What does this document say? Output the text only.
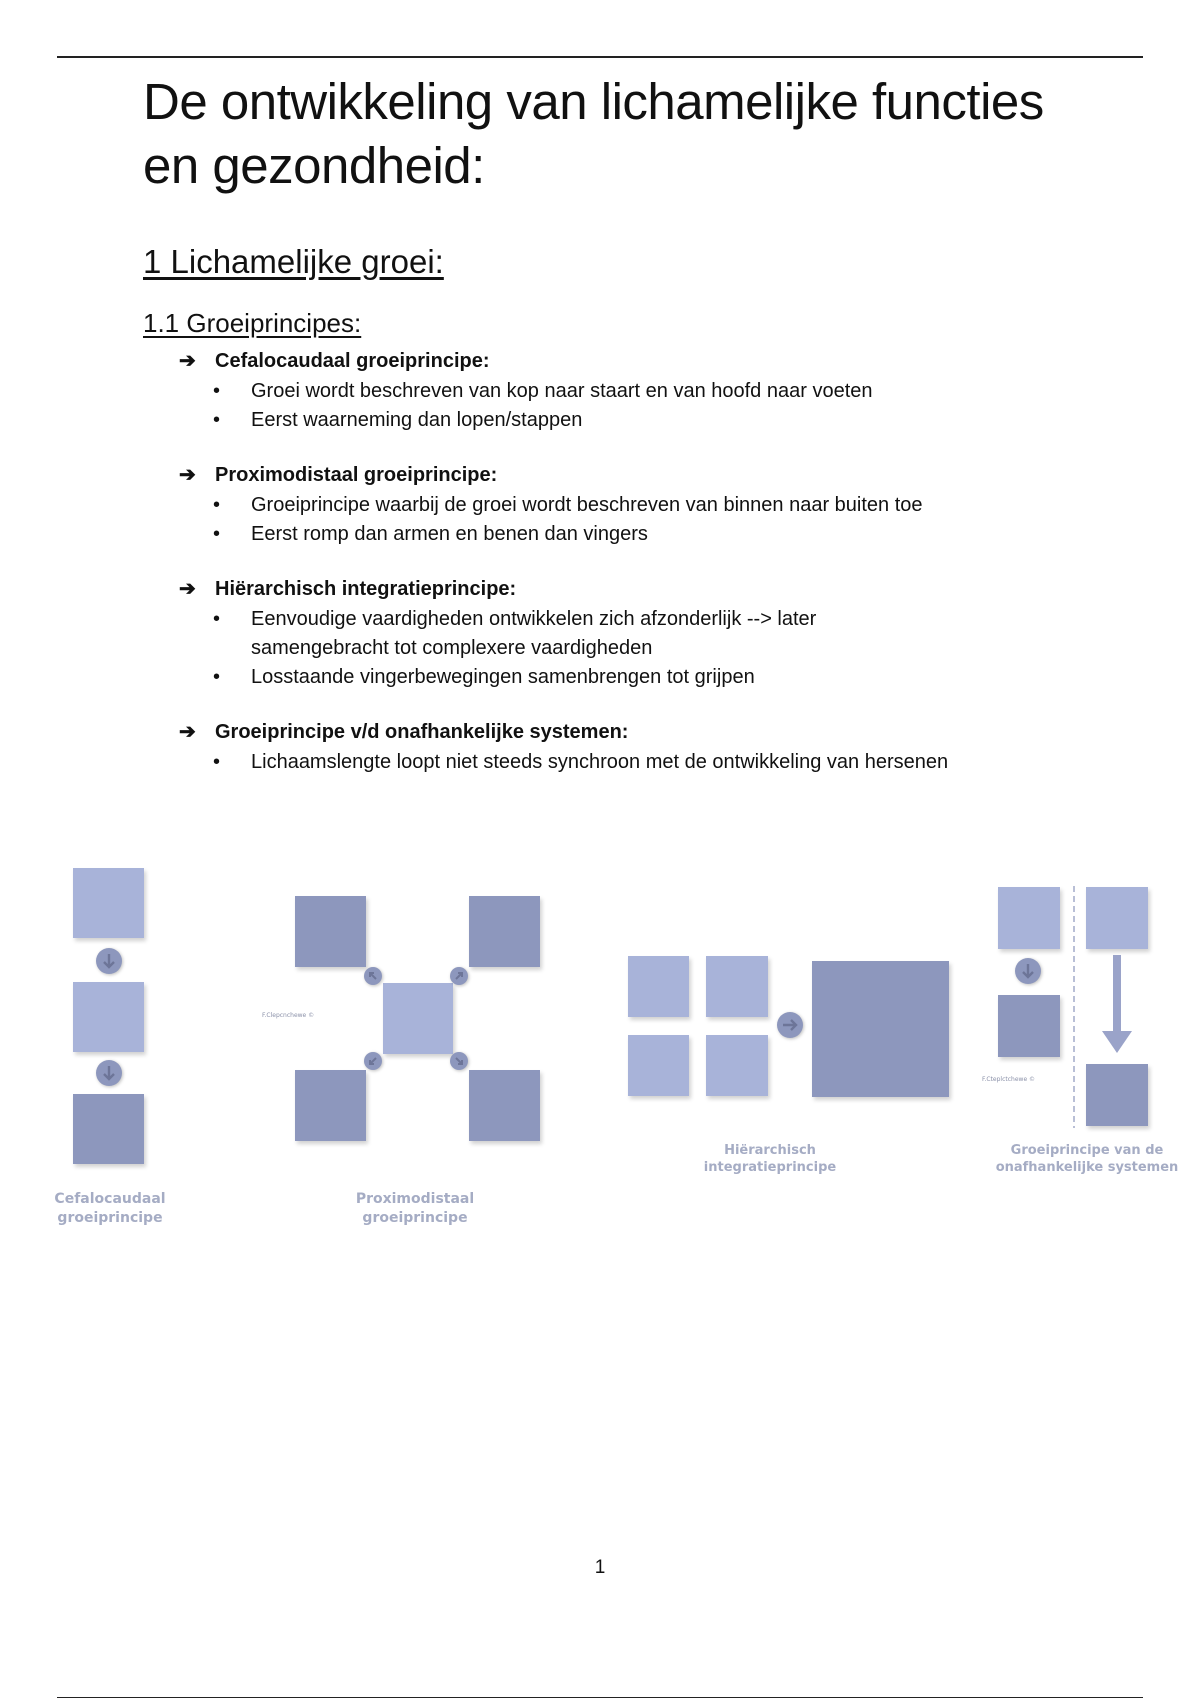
De ontwikkeling van lichamelijke functies en gezondheid:
1 Lichamelijke groei:
1.1 Groeiprincipes:
➔ Cefalocaudaal groeiprincipe:
• Groei wordt beschreven van kop naar staart en van hoofd naar voeten
• Eerst waarneming dan lopen/stappen
➔ Proximodistaal groeiprincipe:
• Groeiprincipe waarbij de groei wordt beschreven van binnen naar buiten toe
• Eerst romp dan armen en benen dan vingers
➔ Hiërarchisch integratieprincipe:
• Eenvoudige vaardigheden ontwikkelen zich afzonderlijk --> later samengebracht tot complexere vaardigheden
• Losstaande vingerbewegingen samenbrengen tot grijpen
➔ Groeiprincipe v/d onafhankelijke systemen:
• Lichaamslengte loopt niet steeds synchroon met de ontwikkeling van hersenen
Cefalocaudaal
groeiprincipe
F.Clepcnchewe ©
Proximodistaal
groeiprincipe
Hiërarchisch
integratieprincipe
F.Cteplctchewe ©
Groeiprincipe van de
onafhankelijke systemen
1
